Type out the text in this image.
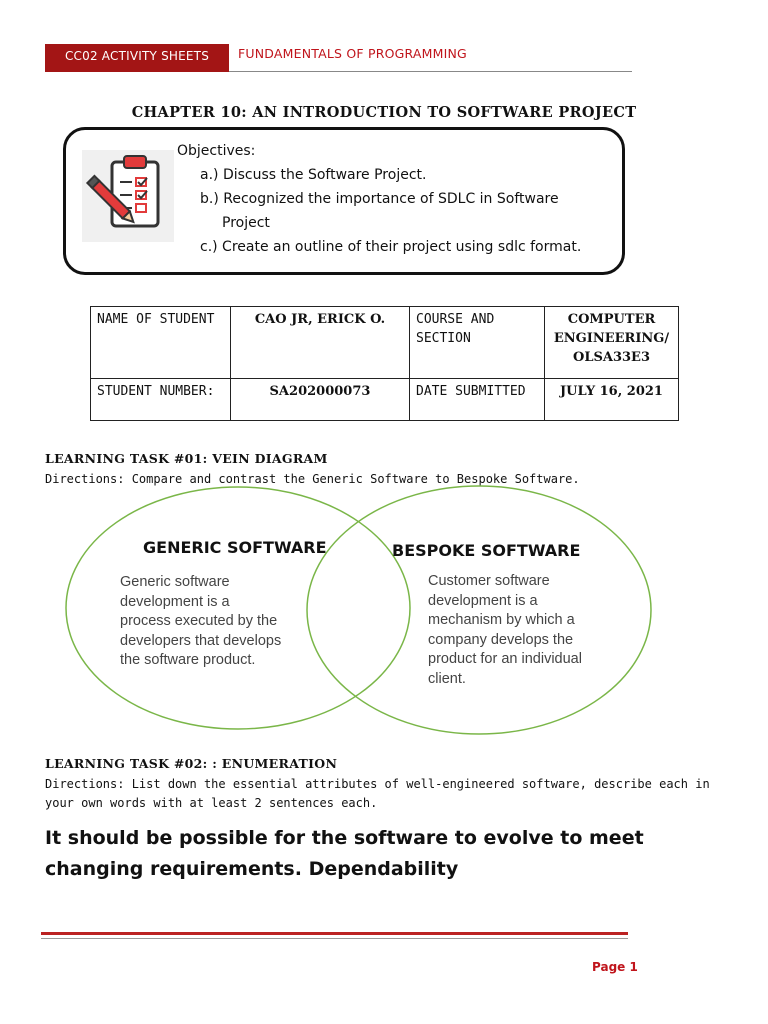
CC02 ACTIVITY SHEETS	FUNDAMENTALS OF PROGRAMMING
CHAPTER 10: AN INTRODUCTION TO SOFTWARE PROJECT
Objectives:
a.) Discuss the Software Project.
b.) Recognized the importance of SDLC in Software
Project
c.) Create an outline of their project using sdlc format.
NAME OF STUDENT	CAO JR, ERICK O.	COURSE AND SECTION	COMPUTER ENGINEERING/ OLSA33E3
STUDENT NUMBER:	SA202000073	DATE SUBMITTED	JULY 16, 2021
LEARNING TASK #01: VEIN DIAGRAM
Directions: Compare and contrast the Generic Software to Bespoke Software.
GENERIC SOFTWARE	BESPOKE SOFTWARE
Generic software
development is a
process executed by the
developers that develops
the software product.
Customer software
development is a
mechanism by which a
company develops the
product for an individual
client.
LEARNING TASK #02: : ENUMERATION
Directions: List down the essential attributes of well-engineered software, describe each in your own words with at least 2 sentences each.
It should be possible for the software to evolve to meet changing requirements. Dependability
Page 1
